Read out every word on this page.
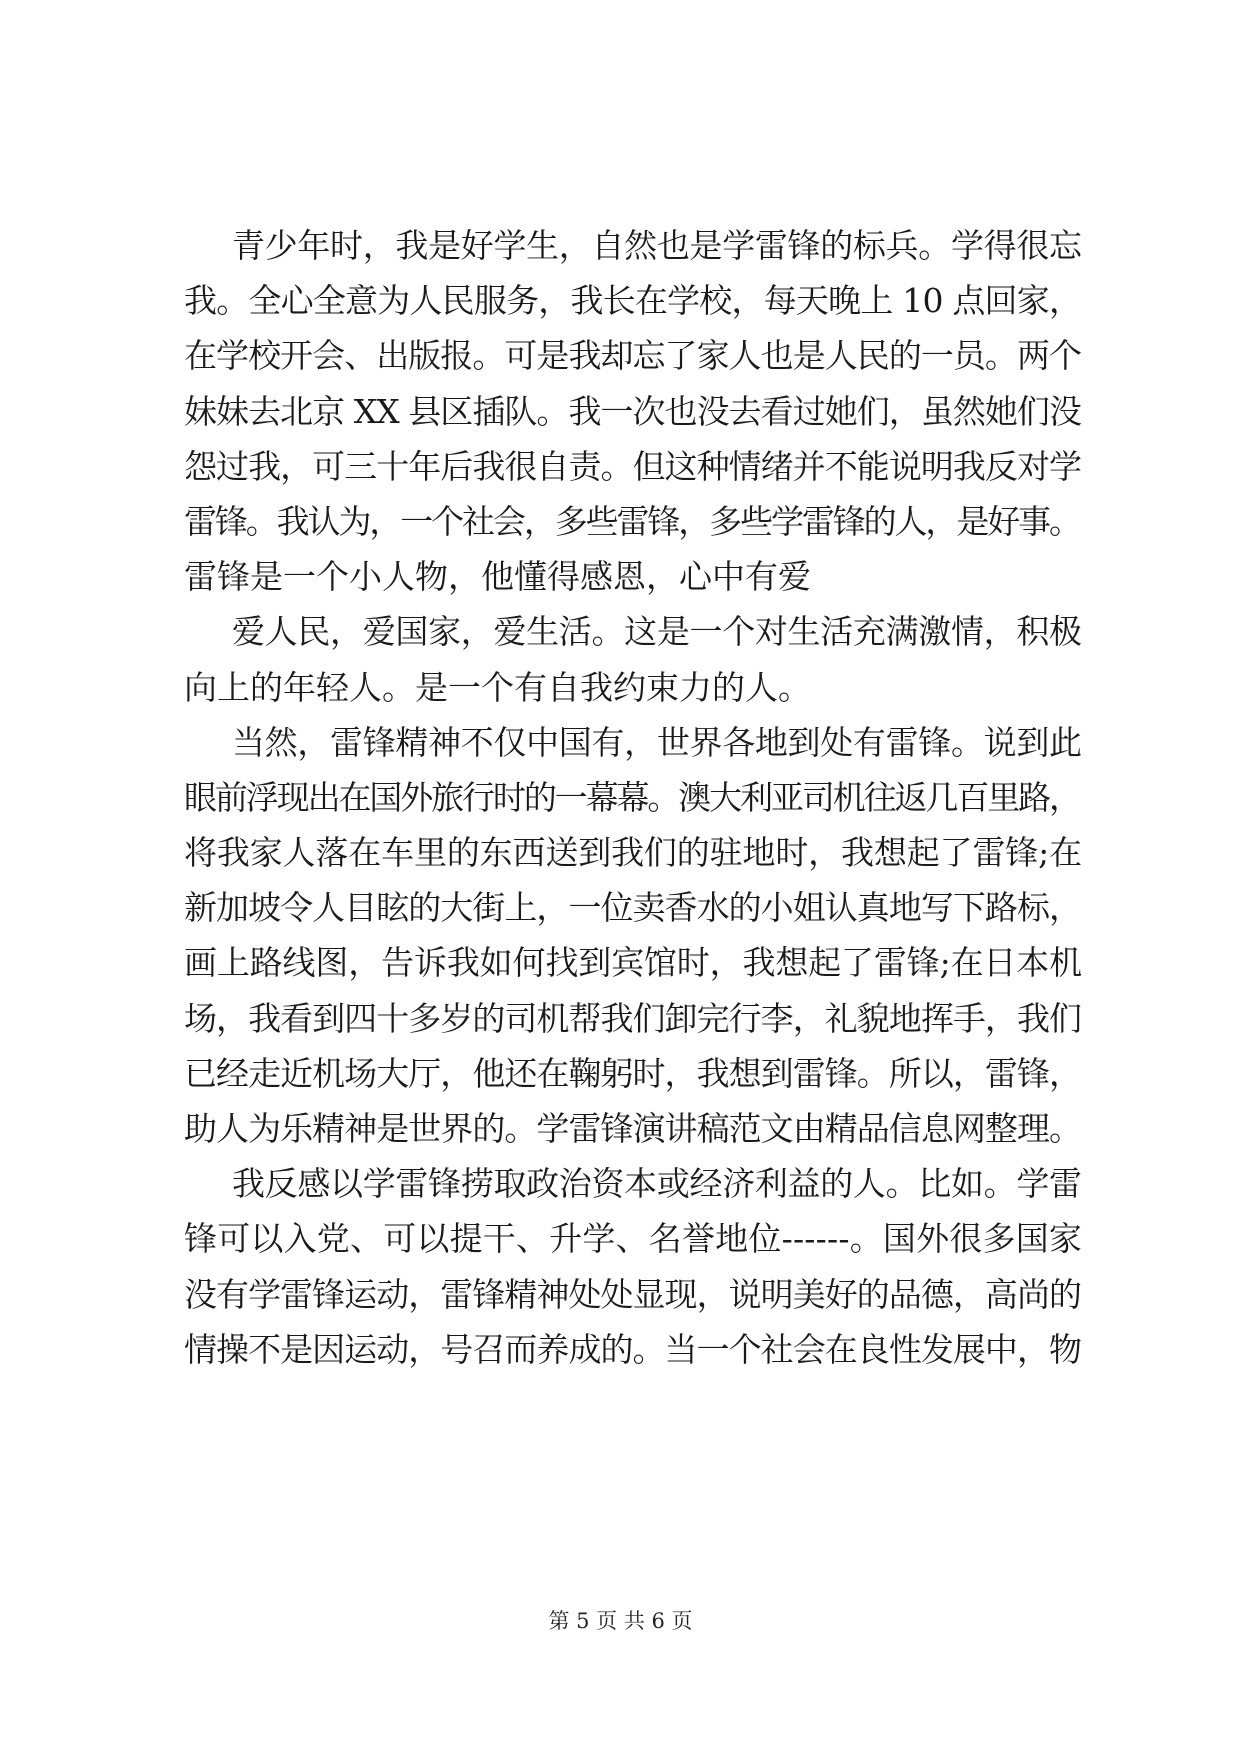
青少年时，我是好学生，自然也是学雷锋的标兵。学得很忘
我。全心全意为人民服务，我长在学校，每天晚上 10 点回家，
在学校开会、出版报。可是我却忘了家人也是人民的一员。两个
妹妹去北京 XX 县区插队。我一次也没去看过她们，虽然她们没
怨过我，可三十年后我很自责。但这种情绪并不能说明我反对学
雷锋。我认为，一个社会，多些雷锋，多些学雷锋的人，是好事。
雷锋是一个小人物，他懂得感恩，心中有爱
爱人民，爱国家，爱生活。这是一个对生活充满激情，积极
向上的年轻人。是一个有自我约束力的人。
当然，雷锋精神不仅中国有，世界各地到处有雷锋。说到此
眼前浮现出在国外旅行时的一幕幕。澳大利亚司机往返几百里路，
将我家人落在车里的东西送到我们的驻地时，我想起了雷锋;在
新加坡令人目眩的大街上，一位卖香水的小姐认真地写下路标，
画上路线图，告诉我如何找到宾馆时，我想起了雷锋;在日本机
场，我看到四十多岁的司机帮我们卸完行李，礼貌地挥手，我们
已经走近机场大厅，他还在鞠躬时，我想到雷锋。所以，雷锋，
助人为乐精神是世界的。学雷锋演讲稿范文由精品信息网整理。
我反感以学雷锋捞取政治资本或经济利益的人。比如。学雷
锋可以入党、可以提干、升学、名誉地位------。国外很多国家
没有学雷锋运动，雷锋精神处处显现，说明美好的品德，高尚的
情操不是因运动，号召而养成的。当一个社会在良性发展中，物
第 5 页 共 6 页
